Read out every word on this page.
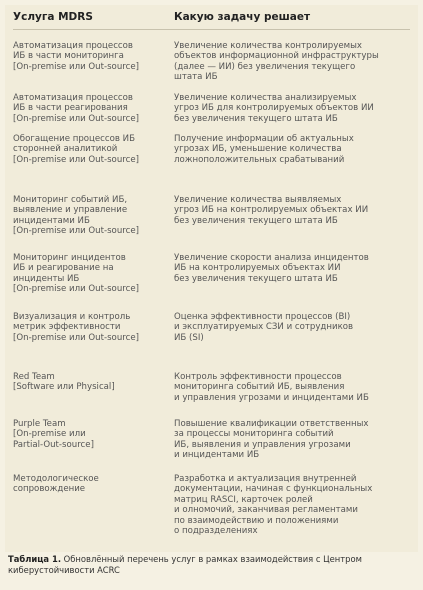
Услуга MDRS	Какую задачу решает
Автоматизация процессов
ИБ в части мониторинга
[On-premise или Out-source]
Увеличение количества контролируемых
объектов информационной инфраструктуры
(далее — ИИ) без увеличения текущего
штата ИБ
Автоматизация процессов
ИБ в части реагирования
[On-premise или Out-source]
Увеличение количества анализируемых
угроз ИБ для контролируемых объектов ИИ
без увеличения текущего штата ИБ
Обогащение процессов ИБ
сторонней аналитикой
[On-premise или Out-source]
Получение информации об актуальных
угрозах ИБ, уменьшение количества
ложноположительных срабатываний
Мониторинг событий ИБ,
выявление и управление
инцидентами ИБ
[On-premise или Out-source]
Увеличение количества выявляемых
угроз ИБ на контролируемых объектах ИИ
без увеличения текущего штата ИБ
Мониторинг инцидентов
ИБ и реагирование на
инциденты ИБ
[On-premise или Out-source]
Увеличение скорости анализа инцидентов
ИБ на контролируемых объектах ИИ
без увеличения текущего штата ИБ
Визуализация и контроль
метрик эффективности
[On-premise или Out-source]
Оценка эффективности процессов (BI)
и эксплуатируемых СЗИ и сотрудников
ИБ (SI)
Red Team
[Software или Physical]
Контроль эффективности процессов
мониторинга событий ИБ, выявления
и управления угрозами и инцидентами ИБ
Purple Team
[On-premise или
Partial-Out-source]
Повышение квалификации ответственных
за процессы мониторинга событий
ИБ, выявления и управления угрозами
и инцидентами ИБ
Методологическое
сопровождение
Разработка и актуализация внутренней
документации, начиная с функциональных
матриц RASCI, карточек ролей
и олномочий, заканчивая регламентами
по взаимодействию и положениями
о подразделениях
Таблица 1. Обновлённый перечень услуг в рамках взаимодействия с Центром киберустойчивости ACRC
